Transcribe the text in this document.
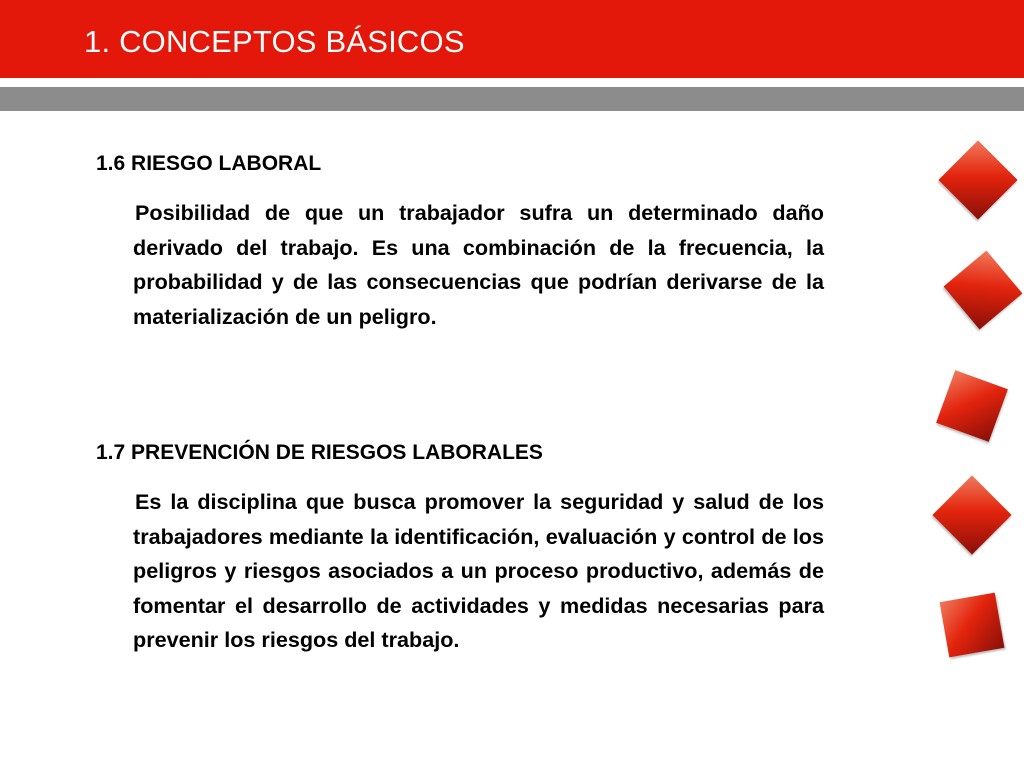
1. CONCEPTOS BÁSICOS
1.6 RIESGO LABORAL

Posibilidad de que un trabajador sufra un determinado daño derivado del trabajo. Es una combinación de la frecuencia, la probabilidad y de las consecuencias que podrían derivarse de la materialización de un peligro.

1.7 PREVENCIÓN DE RIESGOS LABORALES

Es la disciplina que busca promover la seguridad y salud de los trabajadores mediante la identificación, evaluación y control de los peligros y riesgos asociados a un proceso productivo, además de fomentar el desarrollo de actividades y medidas necesarias para prevenir los riesgos del trabajo.
